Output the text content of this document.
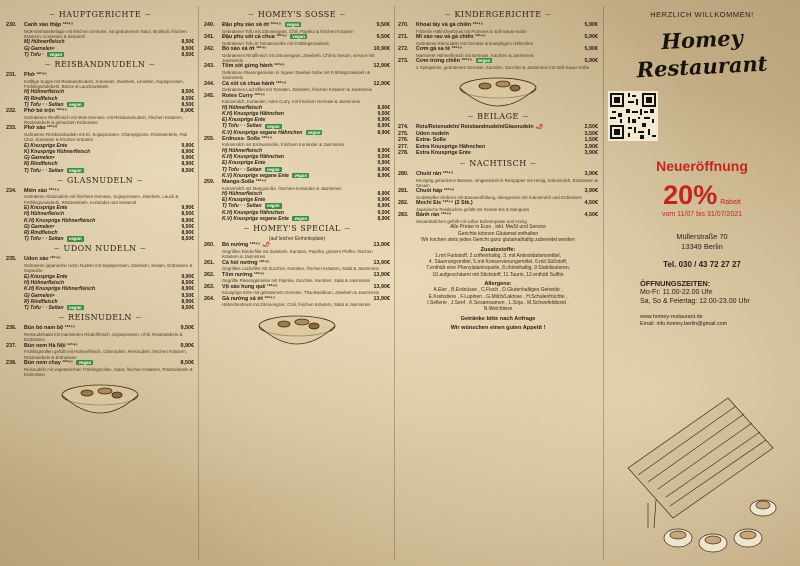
~ HAUPTGERICHTE ~
230.	Canh xào thập ¹²³⁴⁵
Wok-Gemüsebeilage mit frischen Gemüse, mit gebratenem Nanz, Brokkoli, frischen Kräutern, Koriander & Sesamöl
M) Hühnerfleisch	8,50€
G) Garnelen⁸	8,50€
T) Tofu ⁷ vegan	8,50€
~ REISBANDNUDELN ~
231.	Phở ¹²³⁴⁵
Kräftige Suppe mit Reisbandnudeln, Koriander, Zwiebeln, Limetten, Sojasprossen, Frühlingszwiebeln, Bünze & Lauchzwiebeln
H) Hühnerfleisch	8,50€
R) Rindfleisch	8,50€
T) Tofu ⁷ · Seitan vegan	8,50€
232.	Phở bò trộn ¹²³⁴⁵	8,90€
Gebratenes Rindfleisch mit Wok-Gemüse, mit Reisbandnudeln, frischen Kräutern, Röstzwiebeln & gehackten Erdnüssen
233.	Phở xào ¹²³⁴⁵
Gebratene Reisbandnudeln mit Ei, Sojasprossen, Champignons, Röstzwiebeln, Pak Choi, Koriander & frischen Kräutern
E) Knusprige Ente	9,90€
K) Knusprige Hühnerfleisch	8,90€
G) Garnelen⁸	9,90€
R) Rindfleisch	8,90€
T) Tofu ⁷ · Seitan vegan	8,50€
~ GLASNUDELN ~
234.	Miến xào ¹²³⁴⁵
Gebratene Glasnudeln mit frischem Gemüse, Sojasprossen, Zwiebeln, Lauch & Frühlingszwiebeln, Röstzwiebeln, Koriander und Sesamöl
E) Knusprige Ente	9,90€
H) Hühnerfleisch	8,50€
K.H) Knusprige Hühnerfleisch	8,90€
G) Garnelen⁸	9,50€
R) Rindfleisch	8,90€
T) Tofu ⁷ · Seitan vegan	8,50€
~ UDON NUDELN ~
235.	Udon xào ¹²³⁴⁵
Gebratene japanische Udon Nudeln mit Sojasprossen, Zwiebeln, Sesam, Erdnüssen & Sojasoße
E) Knusprige Ente	9,90€
H) Hühnerfleisch	8,50€
K.H) Knusprige Hühnerfleisch	8,90€
G) Garnelen⁸	9,50€
R) Rindfleisch	8,90€
T) Tofu ⁷ · Seitan vegan	8,50€
~ REISNUDELN ~
236.	Bún bò nam bộ ¹²³⁴⁵	9,50€
Reisnudelsalat mit marinierten Rinderfleisch, Sojasprossen, Chili, Röstzwiebeln & Erdnüssen
237.	Bún nem Hà Nội ¹²³⁴⁵	9,90€
Frühlingsrollen gefüllt mit Hühnerfleisch, Glasnudeln, Reisnudeln, frischen Kräutern, Röstzwiebeln & Erdnüssen
238.	Bún nem chay ¹²³⁴⁵ vegan	8,50€
Reisnudeln mit vegetarischen Frühlingsrollen, Salat, frischen Kräutern, Röstzwiebeln & Erdnüssen
~ HOMEY'S SOSSE ~
240.	Đậu phụ xào xả ớt ¹²³⁴⁵ vegan	9,50€
Gebratener Tofu mit Zitronengras, Chili, Paprika & frischen Kräutern
241.	Đậu phụ sốt cà chua ¹²³⁴⁵ vegan	9,50€
Gebratener Tofu in Tomatensoße mit Frühlingszwiebeln
242.	Bò xào xả ớt ¹²³⁴⁵	10,90€
Gebratenes Rindfleisch mit Zitronengras, Zwiebeln, Chili & Sesam, serviert mit Jasminreis
243.	Tôm sốt gừng hành ¹²³⁴⁵	12,90€
Gebratene Riesengarnelen in Ingwer-Zwiebel-Soße mit Frühlingszwiebeln & Jasminreis
244.	Cá xốt cà chua hành ¹²³⁴⁵	12,90€
Gebratenes Lachsfilet mit Tomaten, Zwiebeln, frischen Kräutern & Jasminreis
245.	Rotes Curry ¹²³⁴⁵
Kokosmilch, Koriander, rotes Curry, mit frischem Gemüse & Jasminreis
H) Hühnerfleisch	8,90€
K.H) Knusprige Hähnchen	9,50€
E) Knusprige Ente	9,90€
T) Tofu ⁷ · Seitan vegan	8,90€
K.V) Knusprige vegane Hähnchen vegan	8,90€
255.	Erdnuss- Soße ¹²³⁴⁵
Kokosmilch mit Erdnusssoße, frischem Koriander & Jasminreis
H) Hühnerfleisch	8,90€
K.H) Knusprige Hähnchen	9,50€
E) Knusprige Ente	9,90€
T) Tofu ⁷ · Seitan vegan	8,90€
K.V) Knusprige vegane Ente vegan	8,90€
259.	Mango-Soße ¹²³⁴⁵
Kokosmilch mit Mangosoße, frischem Koriander & Jasminreis
H) Hühnerfleisch	8,90€
E) Knusprige Ente	9,90€
T) Tofu ⁷ · Seitan vegan	8,90€
K.H) Knusprige Hähnchen	9,50€
K.V) Knusprige vegane Ente vegan	8,90€
~ HOMEY'S SPECIAL ~
(auf leicher Einheitsplate)
260.	Bò nướng ¹²³⁴⁵ 🌶	13,90€
Gegrilltes Rinderfilet mit Zwiebeln, Karotten, Paprika, grünem Pfeffer, frischen Kräutern & Jasminreis
261.	Cá hồi nướng ¹²³⁴⁵	13,90€
Gegrilltes Lachsfilet mit Zucchini, Karotten, frischen Kräutern, Salat & Jasminreis
262.	Tôm nướng ¹²³⁴⁵	13,90€
Gegrillte Riesengarnelen mit Paprika, Zucchini, Karotten, Salat & Jasminreis
263.	Vịt xào hung quế ¹²³⁴⁵	13,90€
Knusprige Ente mit gebratenem Gemüse, Thai-Basilikum, Zwiebeln & Jasminreis
264.	Gà nướng xả ớt ¹²³⁴⁵	13,90€
Hähnchenbrust mit Zitronengras, Chili, frischen Kräutern, Salat & Jasminreis
~ KINDERGERICHTE ~
270.	Khoai tây và gà chiên ¹²³⁴⁵	5,90€
Frittierte Hähnchenbrust mit Pommes & süß-Saure-Soße
271.	Mì xào rau và gà chiên ¹²³⁴⁵	5,90€
Gebratene Eiernudeln mit Gemüse & knusprigem Hähnchen
272.	Cơm gà sa tế ¹²³⁴⁵	5,90€
Marinierte Hühnerfleisch mit Gemüse, Karotten & Jasminreis
273.	Cơm trứng chiên ¹²³⁴⁵ vegan	5,90€
2 Spiegeleier, gebratenes Gemüse, Karotten, Zucchini & Jasminreis mit Süß-Sauer-Soße
~ BEILAGE ~
274.	Reis/Reisnudeln/ Reisbandnudeln/Glasnudeln 🌶	2,50€
275.	Udon nudeln	3,50€
276.	Extra- Soße	1,50€
277.	Extra Knusprige Hähnchen	3,90€
278.	Extra Knusprige Ente	3,90€
~ NACHTISCH ~
280.	Chuối rán ¹²³⁴⁵	3,90€
Knusprig gebackene Banane, eingewickelt in Reispapier mit Honig, Kokosmilch, Erdnüssen & Sesam
281.	Chuối hấp ¹²³⁴⁵	3,90€
Gedämpfter Klebreis mit Bananenfüllung, übergossen mit Kokosmilch und Erdnüssen
282.	Mochi Eis ¹²³⁴⁵ (2 Stk.)	4,50€
Japanische Reiskuchen gefüllt mit Sesam-Eis & Mangoeis
283.	Bánh rán ¹²³⁴⁵	4,50€
Sesamballchen gefüllt mit süßer Bohnenpaste und Honig
Alle Preise in Euro , inkl. MwSt und Service
Gerichte können Glutamat enthalten
Wir kochen stets jedes Gericht ganz glutamathaltig zubereitet werden
Zusatzstoffe:
1.mit Farbstoff, 2.coffeinhaltig, 3. mit Antioxidationsmittel,
4. Säuerungsmittel, 5.mit Konservierungsmittel, 6.mit Süßstoff,
7.enthält eine Phenylalaninquelle, 8.chininhaltig, 9.Stabilisatoren,
10.aufgeschäumt mit Stickstoff, 11.Taurin, 12.enthält Sulfite
Allergene:
A.Eier , B.Erdnüsse , C.Fisch , D.Glutenhaltiges Getreide ,
E.Krebstiere , F.Lupinen , G.Milch/Laktose , H.Schalenfrüchte ,
I.Sellerie , J.Senf , K.Sesamsamen , L.Soja , M.Schwefeldioxid ,
N.Weichtiere
Getränke bitte nach Anfrage
Wir wünschen einen guten Appetit !
HERZLICH WILLKOMMEN!
Homey
Restaurant
Neueröffnung
20% Rabatt
vom 11/07 bis 31/07/2021
Müllerstraße 70
13349 Berlin
Tel. 030 / 43 72 27 27
ÖFFNUNGSZEITEN:
Mo-Fr: 11.00-22.00 Uhr
Sa, So & Feiertag: 12.00-23.00 Uhr
www.homey-restaurant.de
Email: info.homey.berlin@gmail.com
